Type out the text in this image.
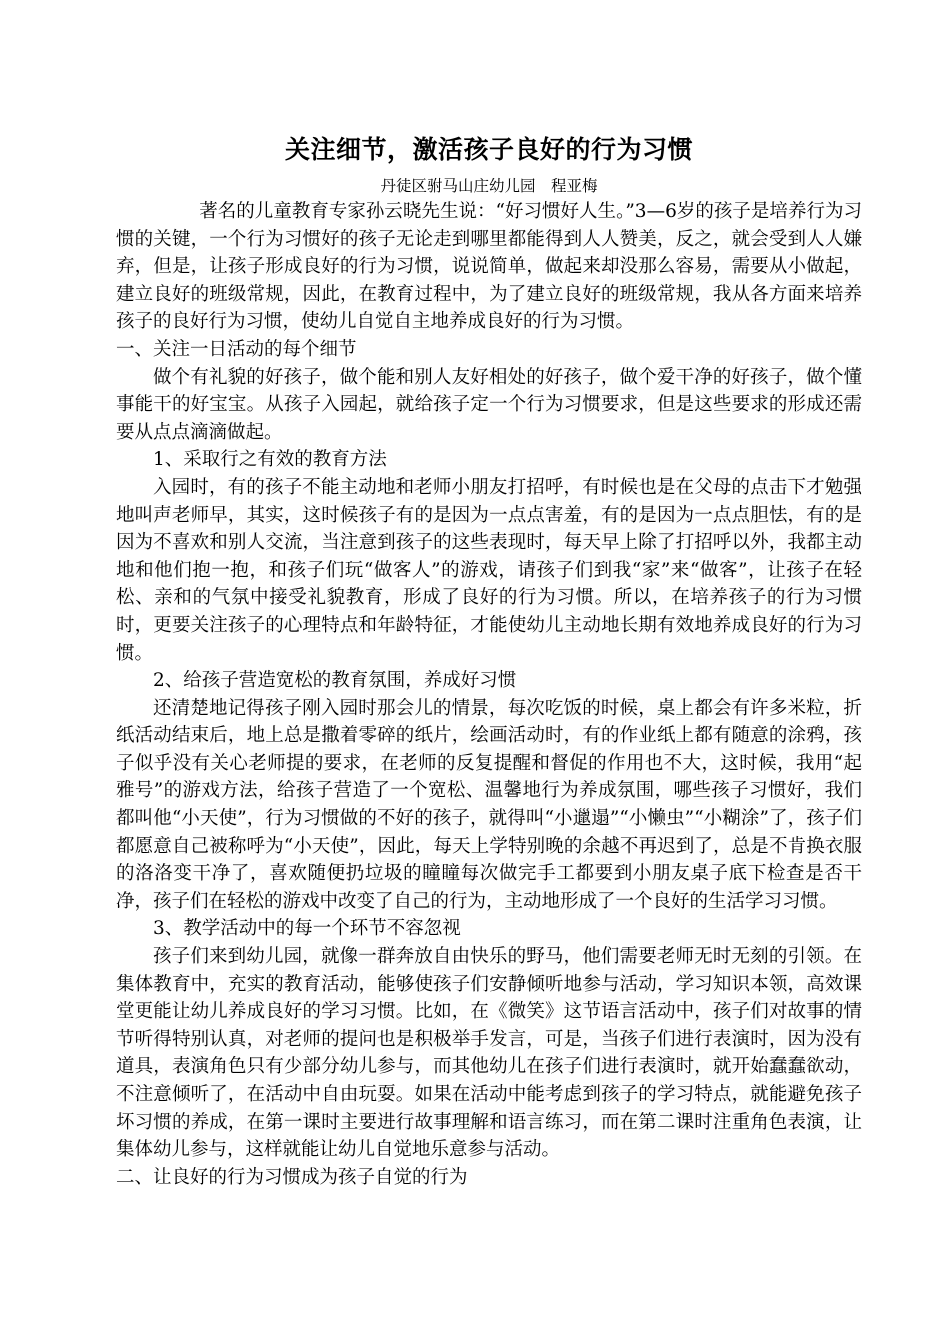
关注细节，激活孩子良好的行为习惯

丹徒区驸马山庄幼儿园　程亚梅

著名的儿童教育专家孙云晓先生说：“好习惯好人生。”3—6岁的孩子是培养行为习惯的关键，一个行为习惯好的孩子无论走到哪里都能得到人人赞美，反之，就会受到人人嫌弃，但是，让孩子形成良好的行为习惯，说说简单，做起来却没那么容易，需要从小做起，建立良好的班级常规，因此，在教育过程中，为了建立良好的班级常规，我从各方面来培养孩子的良好行为习惯，使幼儿自觉自主地养成良好的行为习惯。

一、关注一日活动的每个细节

做个有礼貌的好孩子，做个能和别人友好相处的好孩子，做个爱干净的好孩子，做个懂事能干的好宝宝。从孩子入园起，就给孩子定一个行为习惯要求，但是这些要求的形成还需要从点点滴滴做起。

1、采取行之有效的教育方法

入园时，有的孩子不能主动地和老师小朋友打招呼，有时候也是在父母的点击下才勉强地叫声老师早，其实，这时候孩子有的是因为一点点害羞，有的是因为一点点胆怯，有的是因为不喜欢和别人交流，当注意到孩子的这些表现时，每天早上除了打招呼以外，我都主动地和他们抱一抱，和孩子们玩“做客人”的游戏，请孩子们到我“家”来“做客”，让孩子在轻松、亲和的气氛中接受礼貌教育，形成了良好的行为习惯。所以，在培养孩子的行为习惯时，更要关注孩子的心理特点和年龄特征，才能使幼儿主动地长期有效地养成良好的行为习惯。

2、给孩子营造宽松的教育氛围，养成好习惯

还清楚地记得孩子刚入园时那会儿的情景，每次吃饭的时候，桌上都会有许多米粒，折纸活动结束后，地上总是撒着零碎的纸片，绘画活动时，有的作业纸上都有随意的涂鸦，孩子似乎没有关心老师提的要求，在老师的反复提醒和督促的作用也不大，这时候，我用“起雅号”的游戏方法，给孩子营造了一个宽松、温馨地行为养成氛围，哪些孩子习惯好，我们都叫他“小天使”，行为习惯做的不好的孩子，就得叫“小邋遢”“小懒虫”“小糊涂”了，孩子们都愿意自己被称呼为“小天使”，因此，每天上学特别晚的余越不再迟到了，总是不肯换衣服的洛洛变干净了，喜欢随便扔垃圾的瞳瞳每次做完手工都要到小朋友桌子底下检查是否干净，孩子们在轻松的游戏中改变了自己的行为，主动地形成了一个良好的生活学习习惯。

3、教学活动中的每一个环节不容忽视

孩子们来到幼儿园，就像一群奔放自由快乐的野马，他们需要老师无时无刻的引领。在集体教育中，充实的教育活动，能够使孩子们安静倾听地参与活动，学习知识本领，高效课堂更能让幼儿养成良好的学习习惯。比如，在《微笑》这节语言活动中，孩子们对故事的情节听得特别认真，对老师的提问也是积极举手发言，可是，当孩子们进行表演时，因为没有道具，表演角色只有少部分幼儿参与，而其他幼儿在孩子们进行表演时，就开始蠢蠢欲动，不注意倾听了，在活动中自由玩耍。如果在活动中能考虑到孩子的学习特点，就能避免孩子坏习惯的养成，在第一课时主要进行故事理解和语言练习，而在第二课时注重角色表演，让集体幼儿参与，这样就能让幼儿自觉地乐意参与活动。

二、让良好的行为习惯成为孩子自觉的行为
